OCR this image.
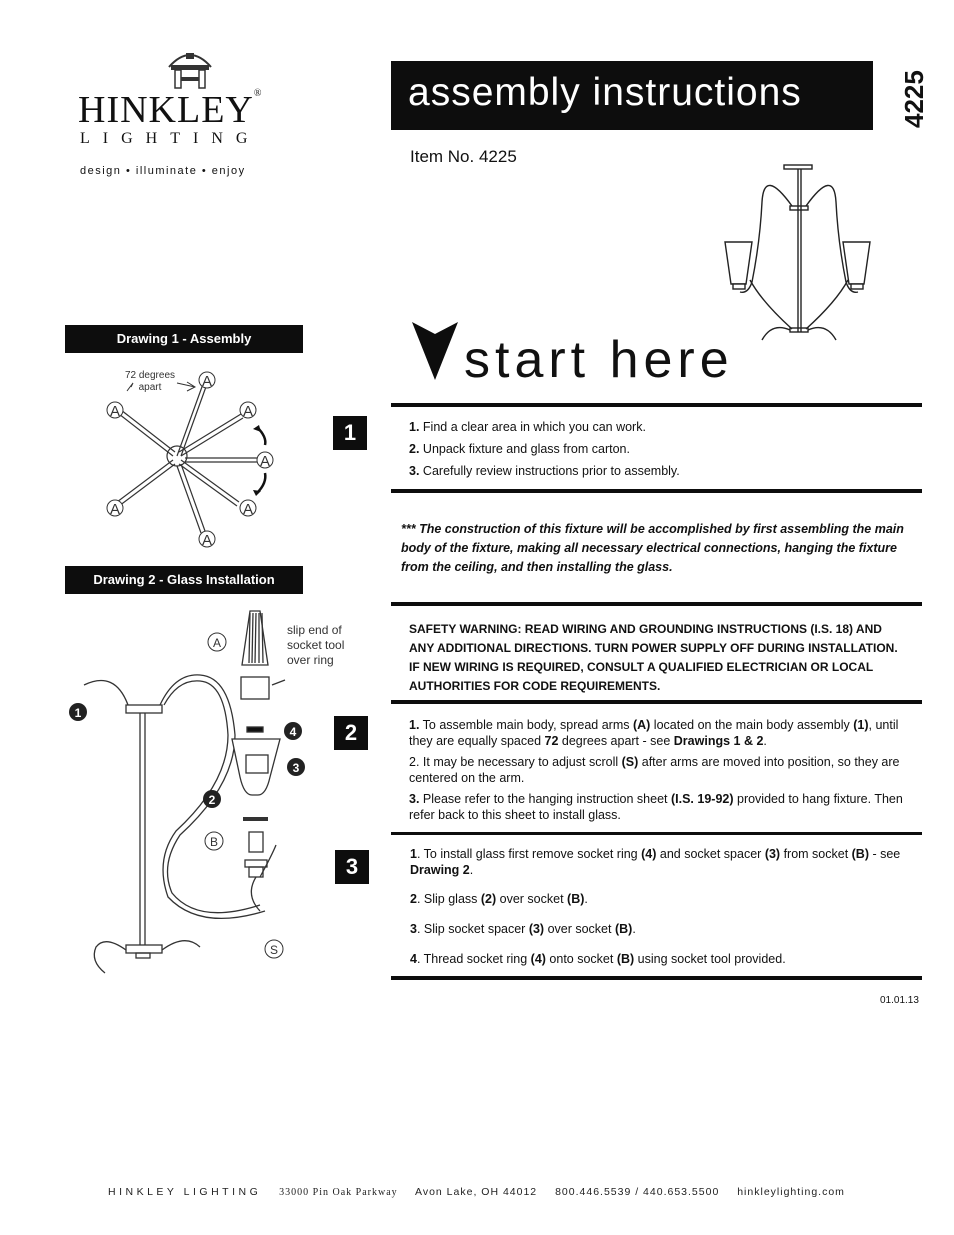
HINKLEY®
LIGHTING
design • illuminate • enjoy
assembly instructions	4225
Item No. 4225
start here
Drawing 1 - Assembly
A
A	A
A
A	A
A
72 degrees
apart
Drawing 2 - Glass Installation
A
1
4
3
2
B
S
slip end of
socket tool
over ring
1	1. Find a clear area in which you can work.
2. Unpack fixture and glass from carton.
3. Carefully review instructions prior to assembly.
*** The construction of this fixture will be accomplished by first assembling the main body of the fixture, making all necessary electrical connections, hanging the fixture from the ceiling, and then installing the glass.
SAFETY WARNING: READ WIRING AND GROUNDING INSTRUCTIONS (I.S. 18) AND ANY ADDITIONAL DIRECTIONS. TURN POWER SUPPLY OFF DURING INSTALLATION. IF NEW WIRING IS REQUIRED, CONSULT A QUALIFIED ELECTRICIAN OR LOCAL AUTHORITIES FOR CODE REQUIREMENTS.
2	1. To assemble main body, spread arms (A) located on the main body assembly (1), until they are equally spaced 72 degrees apart - see Drawings 1 & 2.
2. It may be necessary to adjust scroll (S) after arms are moved into position, so they are centered on the arm.
3. Please refer to the hanging instruction sheet (I.S. 19-92) provided to hang fixture. Then refer back to this sheet to install glass.
3	1. To install glass first remove socket ring (4) and socket spacer (3) from socket (B) - see Drawing 2.
2. Slip glass (2) over socket (B).
3. Slip socket spacer (3) over socket (B).
4. Thread socket ring (4) onto socket (B) using socket tool provided.
01.01.13
HINKLEY LIGHTING 33000 Pin Oak Parkway Avon Lake, OH 44012 800.446.5539 / 440.653.5500 hinkleylighting.com
